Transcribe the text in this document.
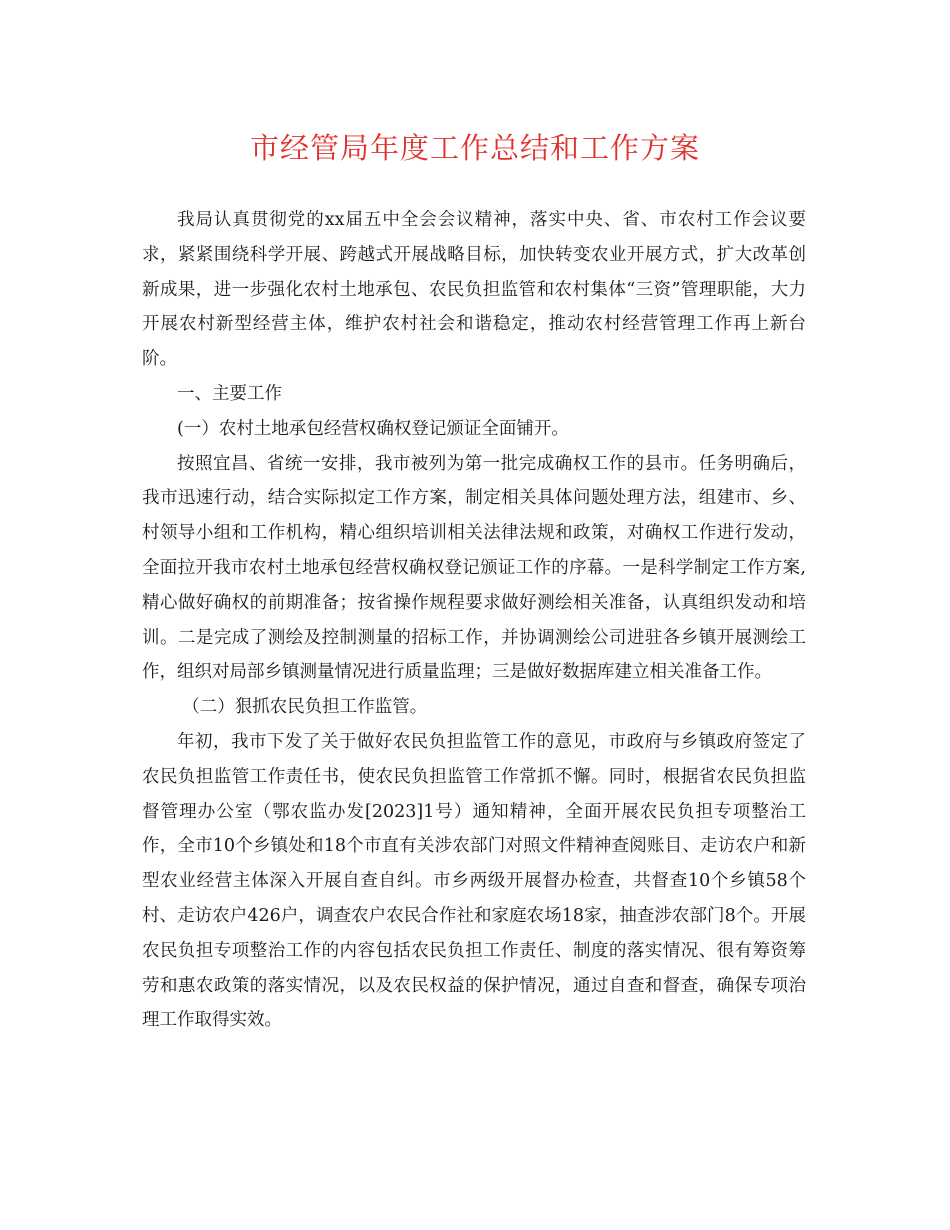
市经管局年度工作总结和工作方案

我局认真贯彻党的xx届五中全会会议精神，落实中央、省、市农村工作会议要求，紧紧围绕科学开展、跨越式开展战略目标，加快转变农业开展方式，扩大改革创新成果，进一步强化农村土地承包、农民负担监管和农村集体“三资”管理职能，大力开展农村新型经营主体，维护农村社会和谐稳定，推动农村经营管理工作再上新台阶。

一、主要工作

(一）农村土地承包经营权确权登记颁证全面铺开。

按照宜昌、省统一安排，我市被列为第一批完成确权工作的县市。任务明确后，我市迅速行动，结合实际拟定工作方案，制定相关具体问题处理方法，组建市、乡、村领导小组和工作机构，精心组织培训相关法律法规和政策，对确权工作进行发动，全面拉开我市农村土地承包经营权确权登记颁证工作的序幕。一是科学制定工作方案,精心做好确权的前期准备；按省操作规程要求做好测绘相关准备，认真组织发动和培训。二是完成了测绘及控制测量的招标工作，并协调测绘公司进驻各乡镇开展测绘工作，组织对局部乡镇测量情况进行质量监理；三是做好数据库建立相关准备工作。

（二）狠抓农民负担工作监管。

年初，我市下发了关于做好农民负担监管工作的意见，市政府与乡镇政府签定了农民负担监管工作责任书，使农民负担监管工作常抓不懈。同时，根据省农民负担监督管理办公室（鄂农监办发[2023]1号）通知精神，全面开展农民负担专项整治工作，全市10个乡镇处和18个市直有关涉农部门对照文件精神查阅账目、走访农户和新型农业经营主体深入开展自查自纠。市乡两级开展督办检查，共督查10个乡镇58个村、走访农户426户，调查农户农民合作社和家庭农场18家，抽查涉农部门8个。开展农民负担专项整治工作的内容包括农民负担工作责任、制度的落实情况、很有筹资筹劳和惠农政策的落实情况，以及农民权益的保护情况，通过自查和督查，确保专项治理工作取得实效。
